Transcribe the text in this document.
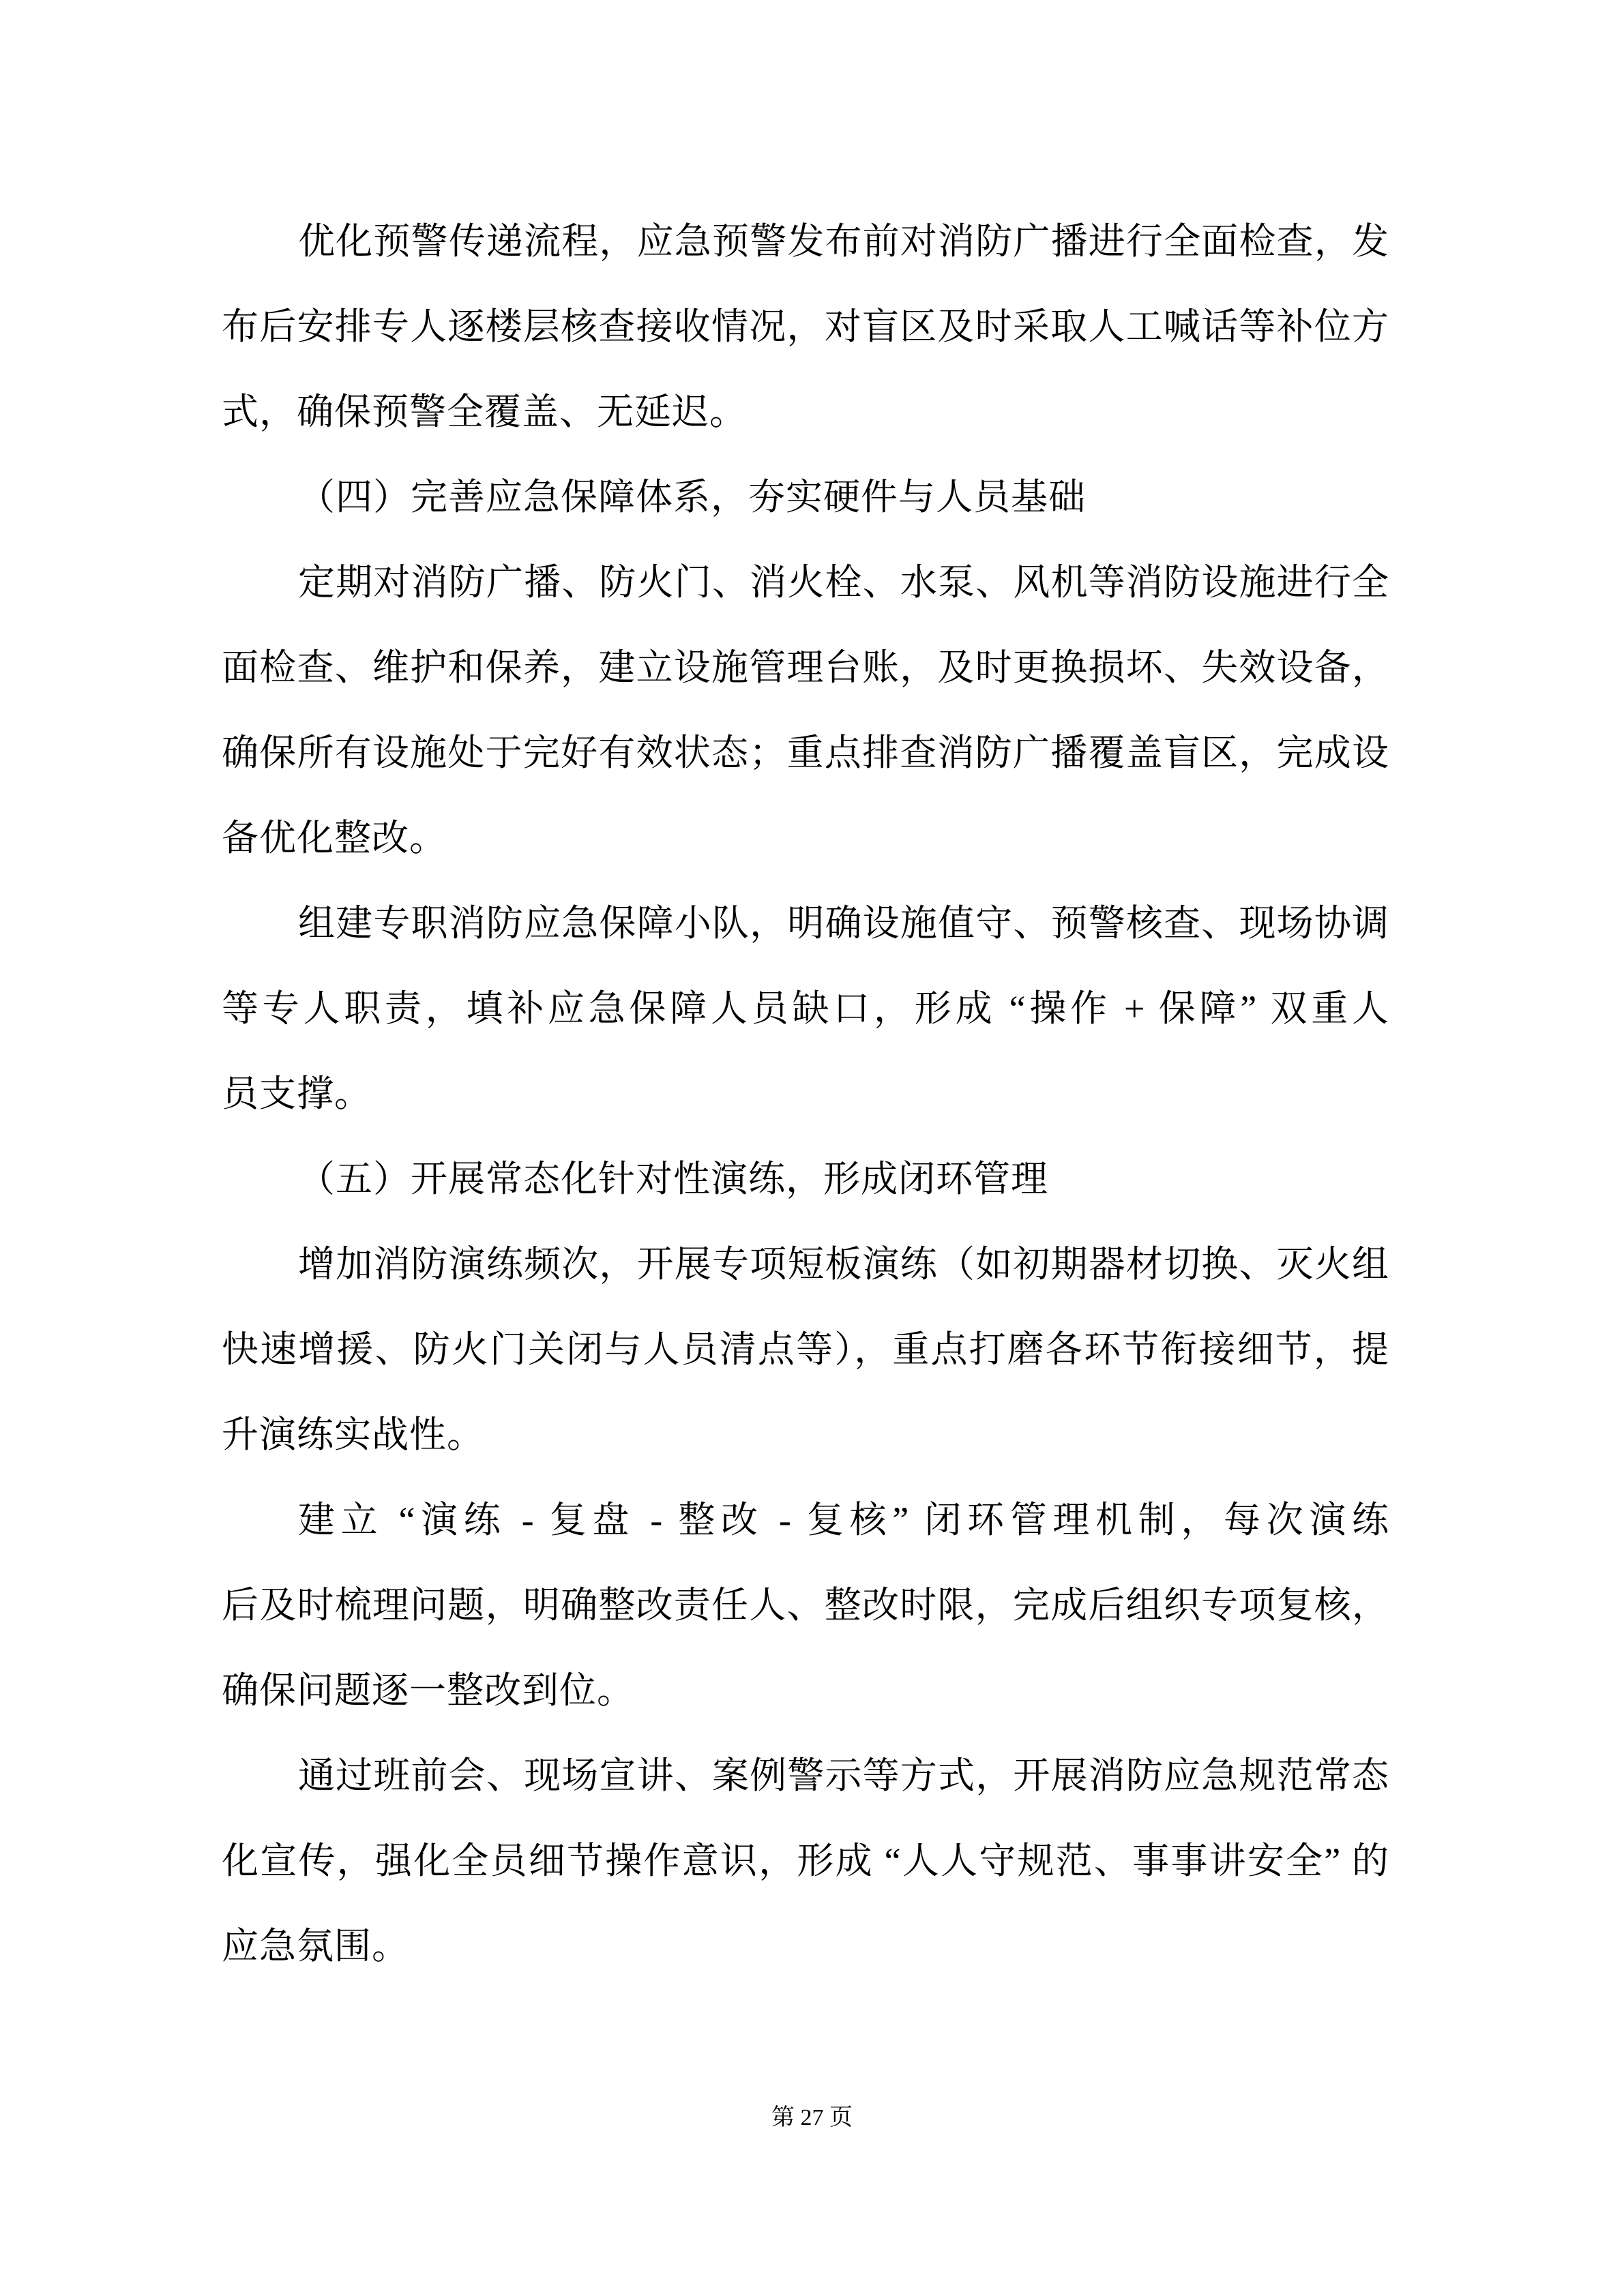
优化预警传递流程，应急预警发布前对消防广播进行全面检查，发
布后安排专人逐楼层核查接收情况，对盲区及时采取人工喊话等补位方
式，确保预警全覆盖、无延迟。
（四）完善应急保障体系，夯实硬件与人员基础
定期对消防广播、防火门、消火栓、水泵、风机等消防设施进行全
面检查、维护和保养，建立设施管理台账，及时更换损坏、失效设备，
确保所有设施处于完好有效状态；重点排查消防广播覆盖盲区，完成设
备优化整改。
组建专职消防应急保障小队，明确设施值守、预警核查、现场协调
等专人职责，填补应急保障人员缺口，形成 “操作 + 保障” 双重人
员支撑。
（五）开展常态化针对性演练，形成闭环管理
增加消防演练频次，开展专项短板演练（如初期器材切换、灭火组
快速增援、防火门关闭与人员清点等），重点打磨各环节衔接细节，提
升演练实战性。
建立 “演练 - 复盘 - 整改 - 复核” 闭环管理机制，每次演练
后及时梳理问题，明确整改责任人、整改时限，完成后组织专项复核，
确保问题逐一整改到位。
通过班前会、现场宣讲、案例警示等方式，开展消防应急规范常态
化宣传，强化全员细节操作意识，形成 “人人守规范、事事讲安全” 的
应急氛围。
第 27 页
